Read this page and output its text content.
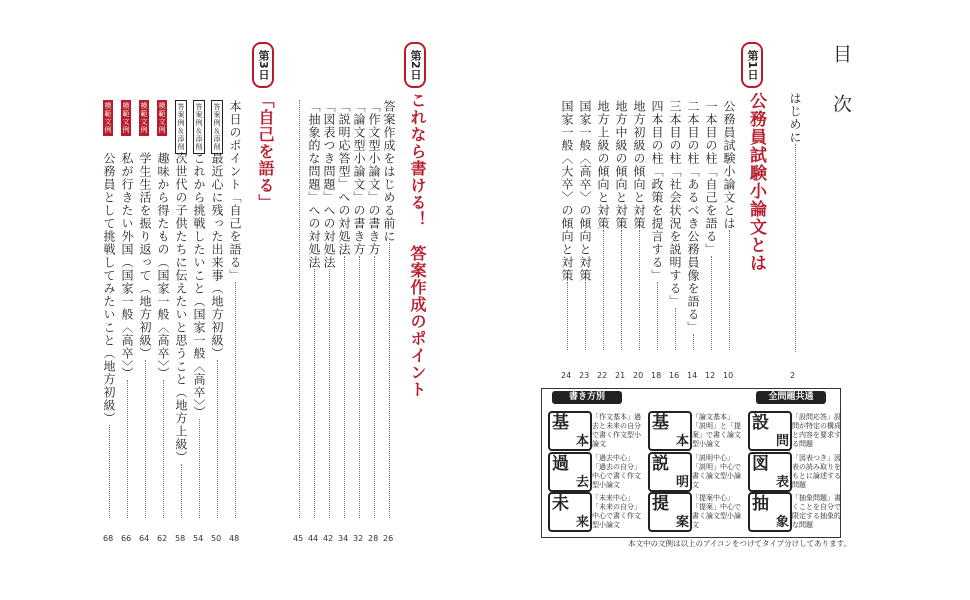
目　次
はじめに
2
第1日
公務員試験小論文とは
公務員試験小論文とは
10
一本目の柱「自己を語る」
12
二本目の柱「あるべき公務員像を語る」
14
三本目の柱「社会状況を説明する」
16
四本目の柱「政策を提言する」
18
地方初級の傾向と対策
20
地方中級の傾向と対策
21
地方上級の傾向と対策
22
国家一般〈高卒〉の傾向と対策
23
国家一般〈大卒〉の傾向と対策
24
第2日
これなら書ける！　答案作成のポイント
答案作成をはじめる前に
26
「作文型小論文」の書き方
28
「論文型小論文」の書き方
32
「説明応答型」への対処法
34
「図表つき問題」への対処法
42
「抽象的な問題」への対処法
44
45
第3日
「自己を語る」
本日のポイント「自己を語る」
48
答案例＆添削
最近心に残った出来事（地方初級）
50
答案例＆添削
これから挑戦したいこと（国家一般〈高卒〉）
54
答案例＆添削
次世代の子供たちに伝えたいと思うこと（地方上級）
58
模範文例
趣味から得たもの（国家一般〈高卒〉）
62
模範文例
学生生活を振り返って（地方初級）
64
模範文例
私が行きたい外国（国家一般〈高卒〉）
66
模範文例
公務員として挑戦してみたいこと（地方初級）
68
書き方別	全問題共通
基
本
「作文基本」過去と未来の自分で書く作文型小論文
過
去
「過去中心」「過去の自分」中心で書く作文型小論文
未
来
「未来中心」「未来の自分」中心で書く作文型小論文
基
本
「論文基本」「説明」と「提案」で書く論文型小論文
説
明
「説明中心」「説明」中心で書く論文型小論文
提
案
「提案中心」「提案」中心で書く論文型小論文
設
問
「設問応答」設問が特定の構成と内容を要求する問題
図
表
「図表つき」図表の読み取りをもとに論述する問題
抽
象
「抽象問題」書くことを自分で限定する抽象的な問題
本文中の文例は以上のアイコンをつけてタイプ分けしてあります。
